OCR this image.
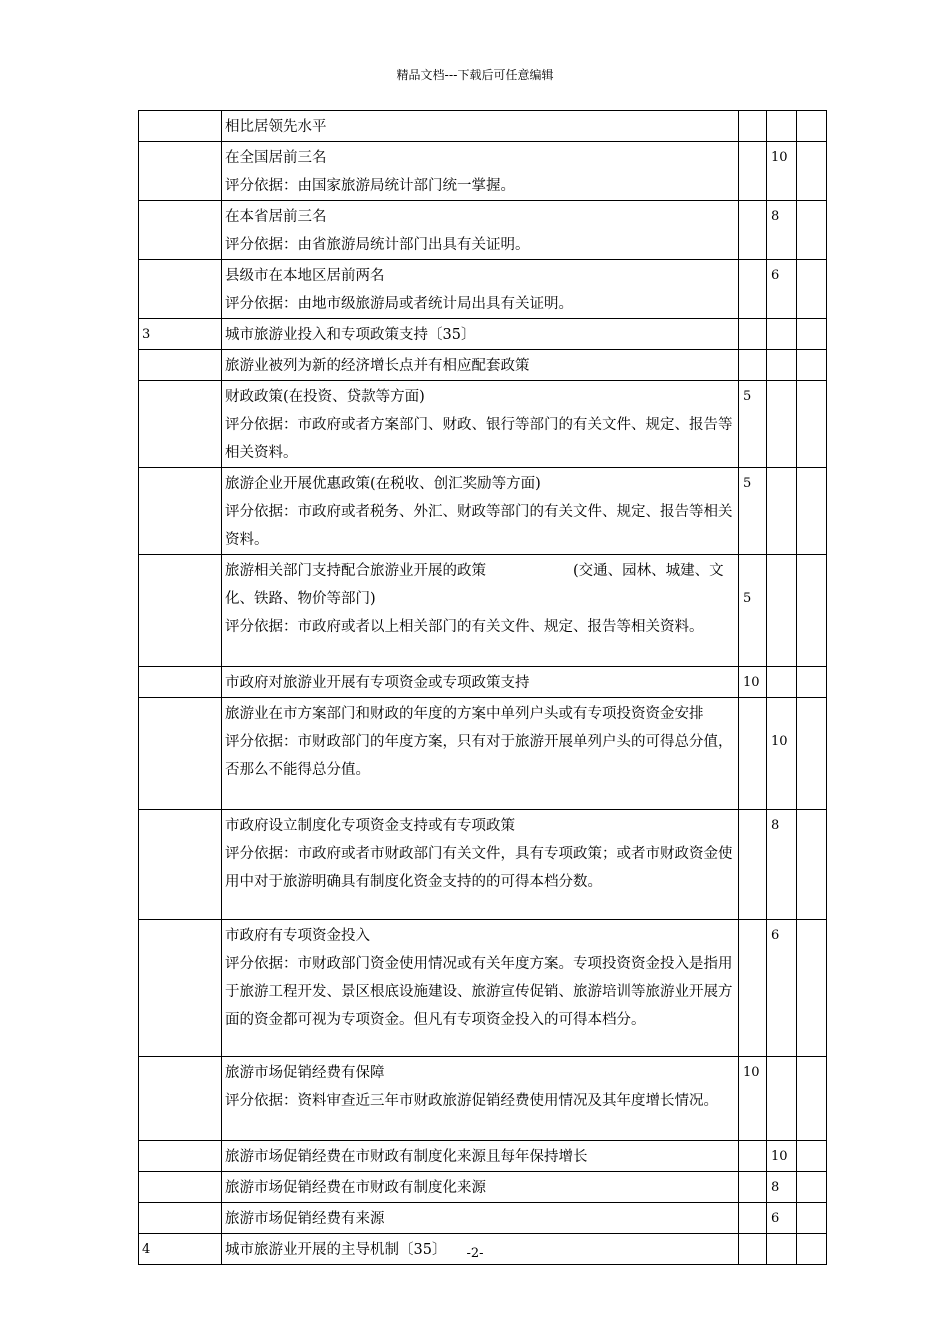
精品文档---下载后可任意编辑

	相比居领先水平			

	在全国居前三名
评分依据：由国家旅游局统计部门统一掌握。		10	

	在本省居前三名
评分依据：由省旅游局统计部门出具有关证明。		8	

	县级市在本地区居前两名
评分依据：由地市级旅游局或者统计局出具有关证明。		6	
3	城市旅游业投入和专项政策支持〔35〕			

	旅游业被列为新的经济增长点并有相应配套政策			

	财政政策(在投资、贷款等方面)
评分依据：市政府或者方案部门、财政、银行等部门的有关文件、规定、报告等相关资料。	5		

	旅游企业开展优惠政策(在税收、创汇奖励等方面)
评分依据：市政府或者税务、外汇、财政等部门的有关文件、规定、报告等相关资料。	5		

	旅游相关部门支持配合旅游业开展的政策　　　　　　(交通、园林、城建、文化、铁路、物价等部门)
评分依据：市政府或者以上相关部门的有关文件、规定、报告等相关资料。	5		

	市政府对旅游业开展有专项资金或专项政策支持	10		

	旅游业在市方案部门和财政的年度的方案中单列户头或有专项投资资金安排
评分依据：市财政部门的年度方案，只有对于旅游开展单列户头的可得总分值，否那么不能得总分值。		10	

	市政府设立制度化专项资金支持或有专项政策
评分依据：市政府或者市财政部门有关文件，具有专项政策；或者市财政资金使用中对于旅游明确具有制度化资金支持的的可得本档分数。		8	

	市政府有专项资金投入
评分依据：市财政部门资金使用情况或有关年度方案。专项投资资金投入是指用于旅游工程开发、景区根底设施建设、旅游宣传促销、旅游培训等旅游业开展方面的资金都可视为专项资金。但凡有专项资金投入的可得本档分。		6	

	旅游市场促销经费有保障
评分依据：资料审查近三年市财政旅游促销经费使用情况及其年度增长情况。	10		

	旅游市场促销经费在市财政有制度化来源且每年保持增长		10	

	旅游市场促销经费在市财政有制度化来源		8	

	旅游市场促销经费有来源		6	
4	城市旅游业开展的主导机制〔35〕			
				-2-
